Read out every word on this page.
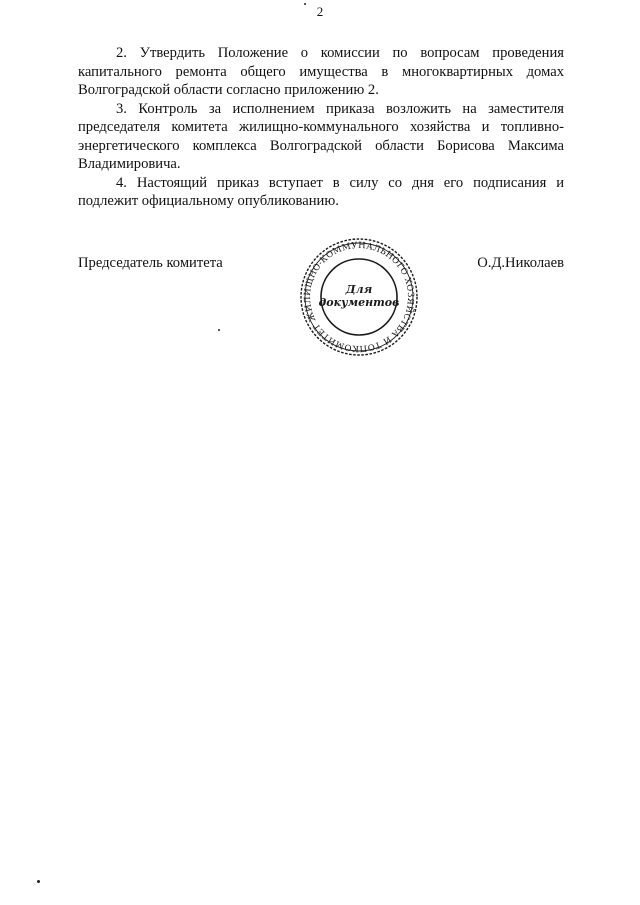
2

2. Утвердить Положение о комиссии по вопросам проведения капитального ремонта общего имущества в многоквартирных домах Волгоградской области согласно приложению 2.

3. Контроль за исполнением приказа возложить на заместителя председателя комитета жилищно-коммунального хозяйства и топливно-энергетического комплекса Волгоградской области Борисова Максима Владимировича.

4. Настоящий приказ вступает в силу со дня его подписания и подлежит официальному опубликованию.

Председатель комитета	О.Д.Николаев
КОМИТЕТ ЖИЛИЩНО-КОММУНАЛЬНОГО ХОЗЯЙСТВА И ТОП
Для
документов
